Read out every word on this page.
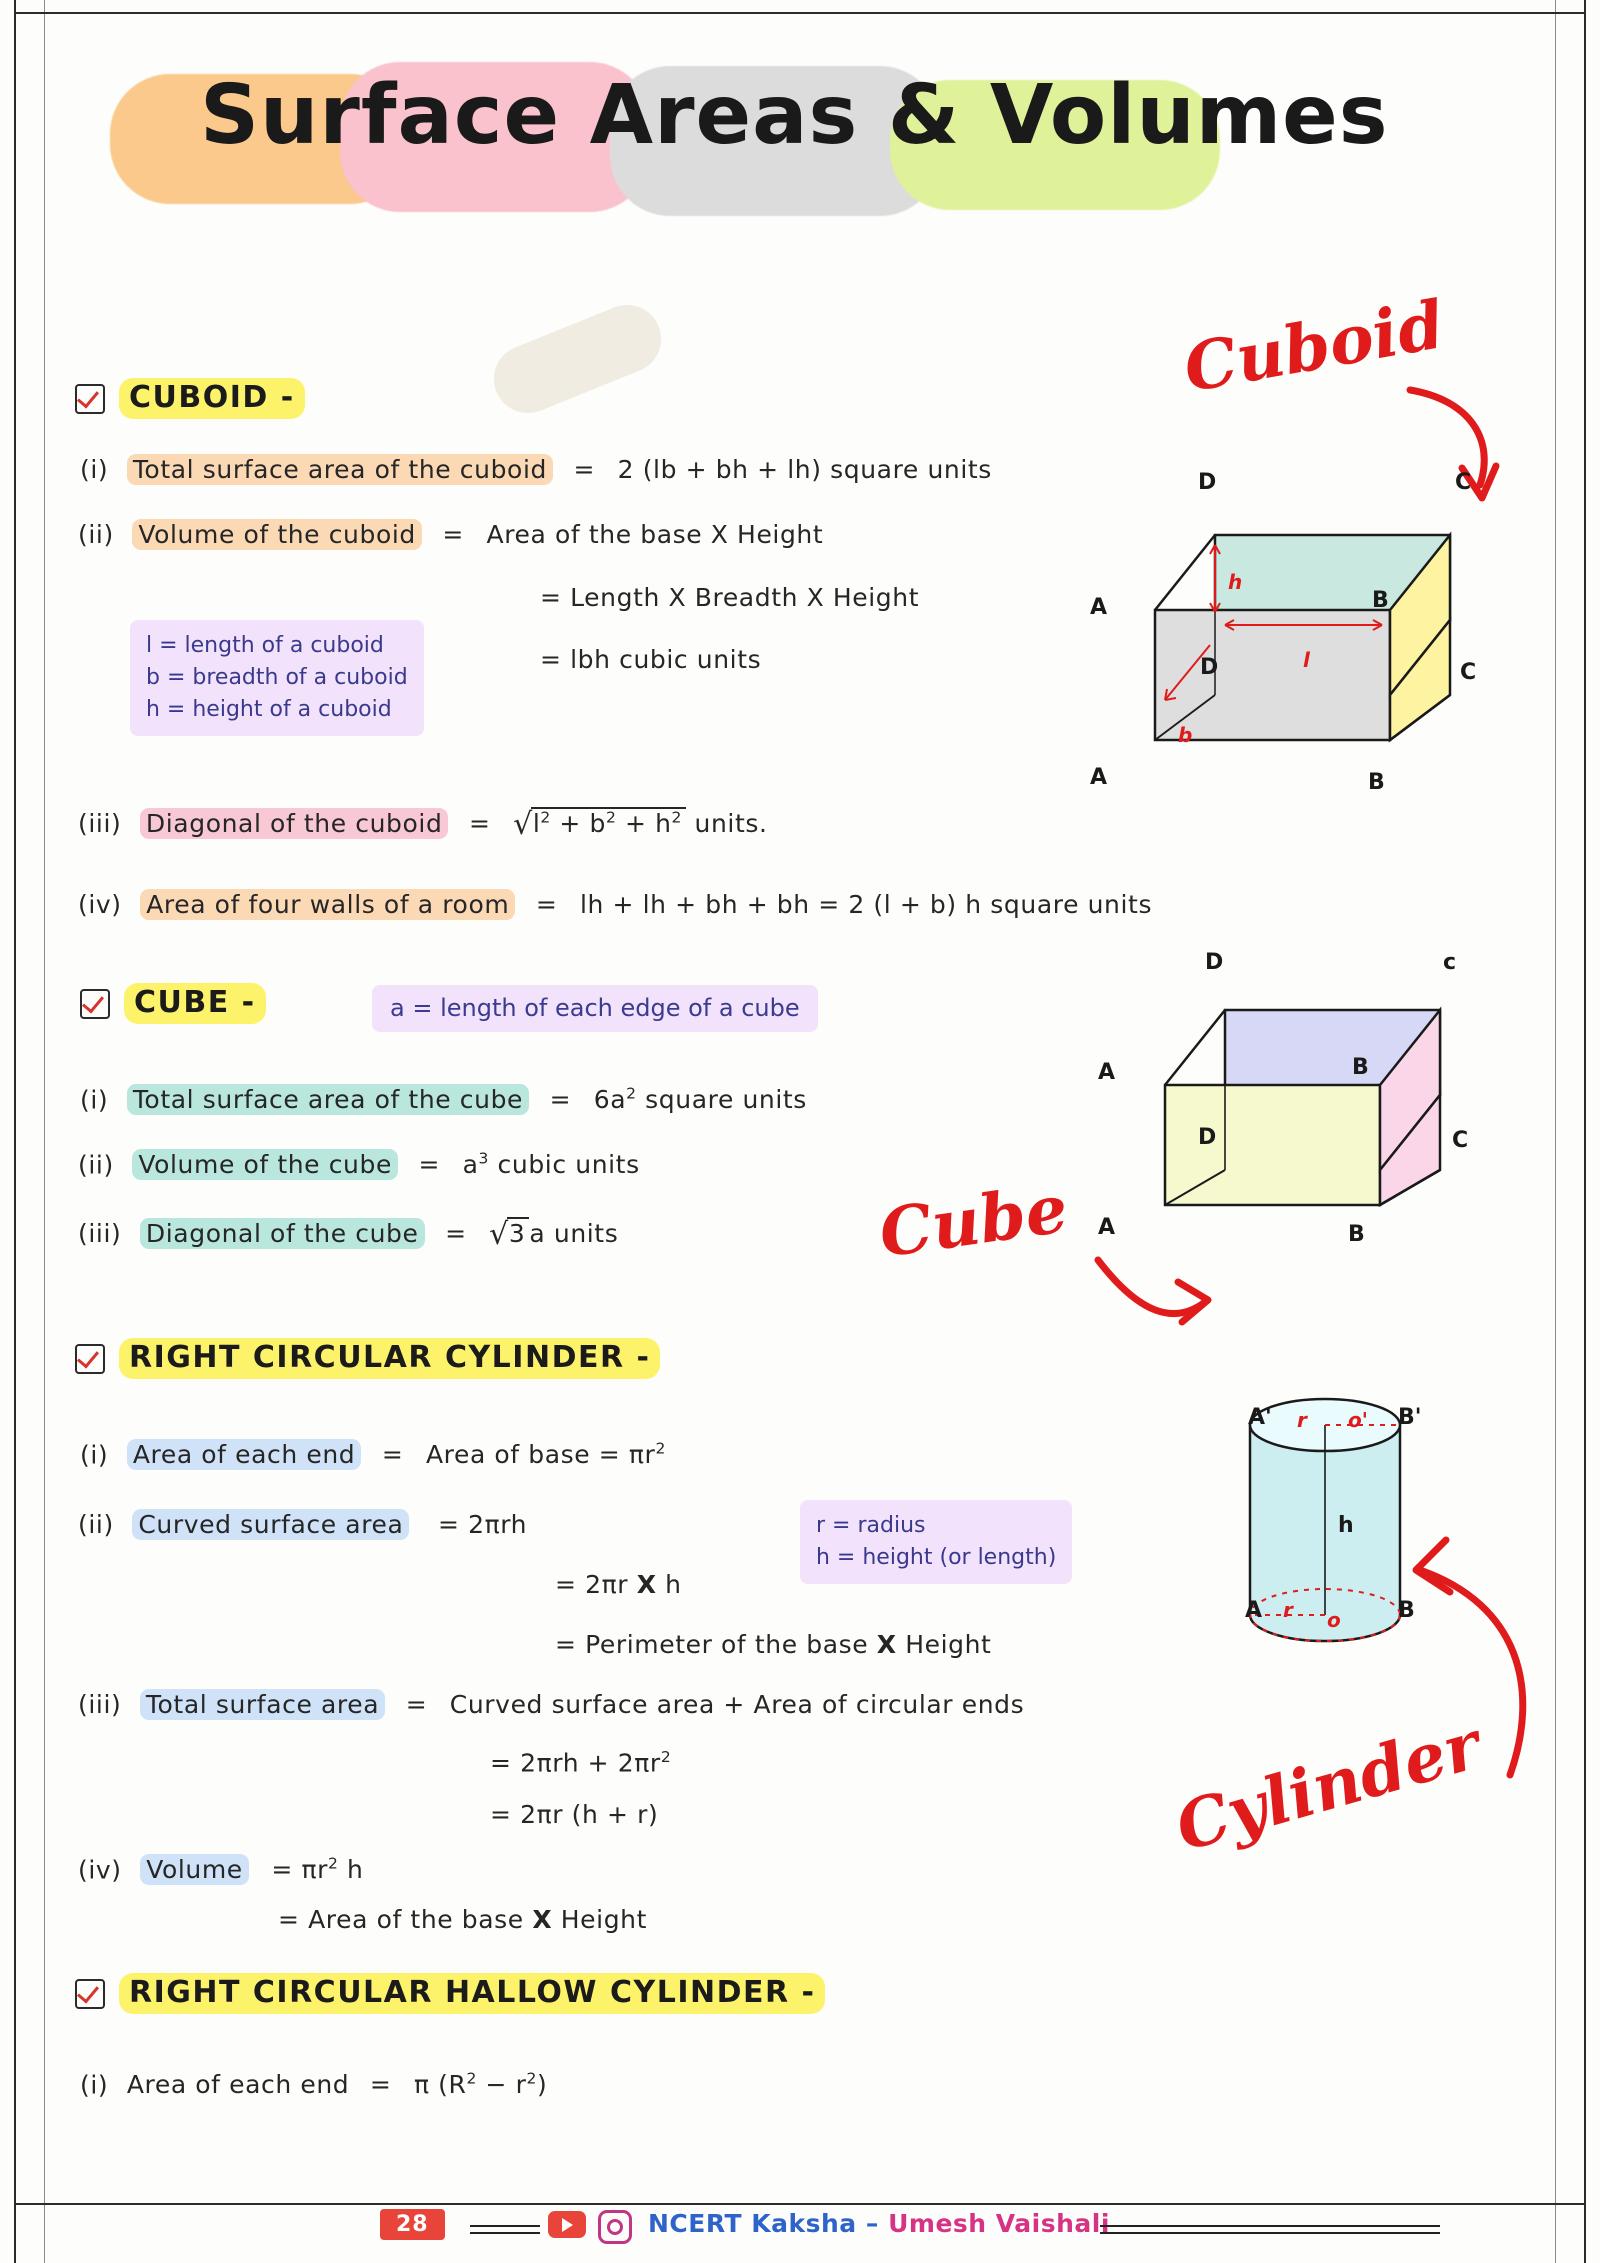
Surface Areas & Volumes
CUBOID -
(i) Total surface area of the cuboid = 2 (lb + bh + lh) square units
(ii) Volume of the cuboid = Area of the base X Height
= Length X Breadth X Height
= lbh cubic units
l = length of a cuboid
b = breadth of a cuboid
h = height of a cuboid
(iii) Diagonal of the cuboid = $√l^2 + b^2 + h^2$ units.
(iv) Area of four walls of a room = lh + lh + bh + bh = 2 (l + b) h square units
Cuboid
D	C
A	B
D	C
A	B
h
l
b
CUBE -	a = length of each edge of a cube
(i) Total surface area of the cube = $6a^2$ square units
(ii) Volume of the cube = $a^3$ cubic units
(iii) Diagonal of the cube = √3 a units	Cube
D	c
A	B
D	C
A	B
RIGHT CIRCULAR CYLINDER -
(i) Area of each end = Area of base = $\pi r^2$
(ii) Curved surface area = 2πrh
= 2πr X h
= Perimeter of the base X Height
r = radius
h = height (or length)
(iii) Total surface area = Curved surface area + Area of circular ends
= $2\pi rh + 2\pi r^2$
= 2πr (h + r)
(iv) Volume = $\pi r^2$ h
= Area of the base X Height
A'	B'
r o'
h
A	B
r o
Cylinder
RIGHT CIRCULAR HALLOW CYLINDER -
(i) Area of each end = π $(R^2 - r^2)$
28	NCERT Kaksha – Umesh Vaishali
